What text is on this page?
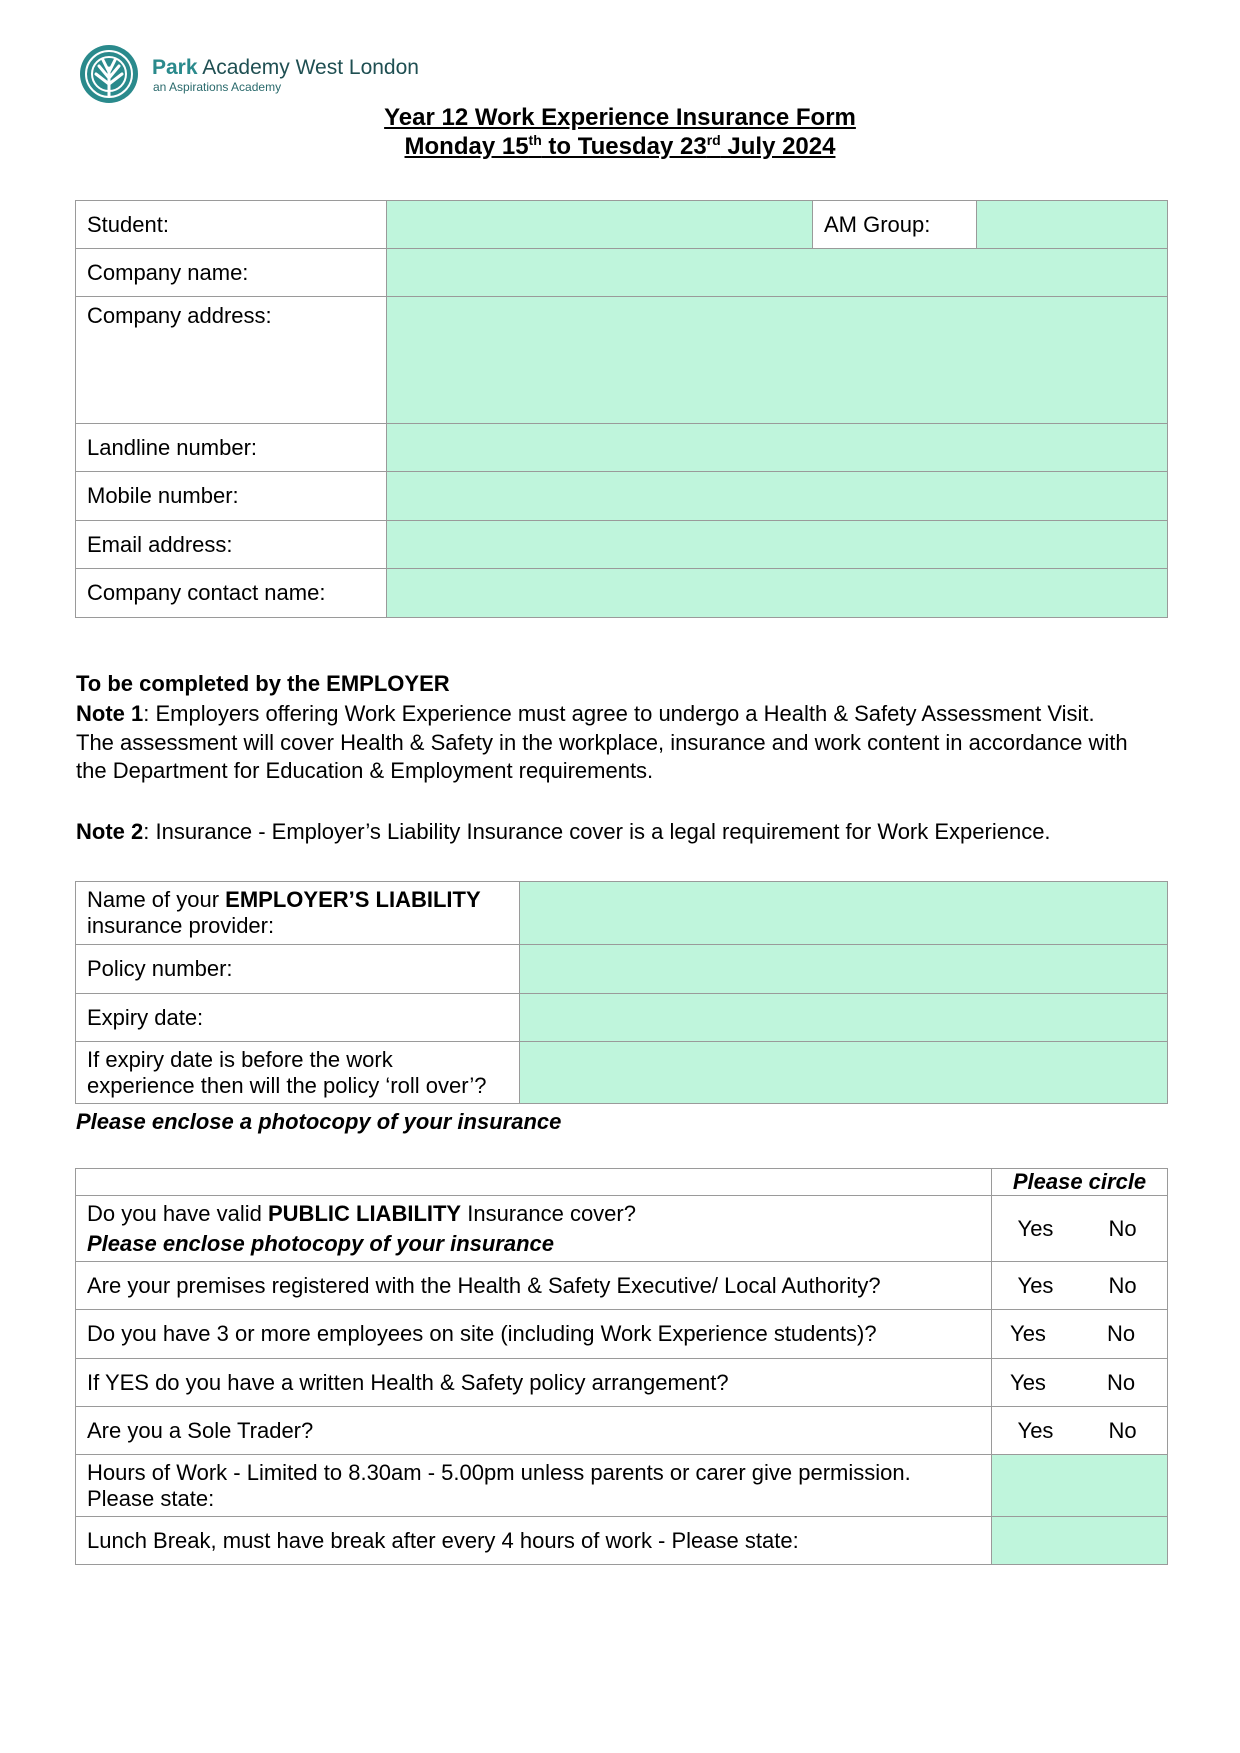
Park Academy West London
an Aspirations Academy
Year 12 Work Experience Insurance Form
Monday 15th to Tuesday 23rd July 2024
Student:		AM Group:	
Company name:			
Company address:			
Landline number:			
Mobile number:			
Email address:			
Company contact name:			
To be completed by the EMPLOYER
Note 1: Employers offering Work Experience must agree to undergo a Health & Safety Assessment Visit.
The assessment will cover Health & Safety in the workplace, insurance and work content in accordance with
the Department for Education & Employment requirements.
Note 2: Insurance - Employer’s Liability Insurance cover is a legal requirement for Work Experience.
Name of your EMPLOYER’S LIABILITY
insurance provider:	
Policy number:	
Expiry date:	
If expiry date is before the work
experience then will the policy ‘roll over’?	
Please enclose a photocopy of your insurance
	Please circle
Do you have valid PUBLIC LIABILITY Insurance cover?
Please enclose photocopy of your insurance	Yes No

Are your premises registered with the Health & Safety Executive/ Local Authority?	Yes No

Do you have 3 or more employees on site (including Work Experience students)?	Yes No

If YES do you have a written Health & Safety policy arrangement?	Yes No

Are you a Sole Trader?	Yes No

Hours of Work - Limited to 8.30am - 5.00pm unless parents or carer give permission.
Please state:	
Lunch Break, must have break after every 4 hours of work - Please state:	
